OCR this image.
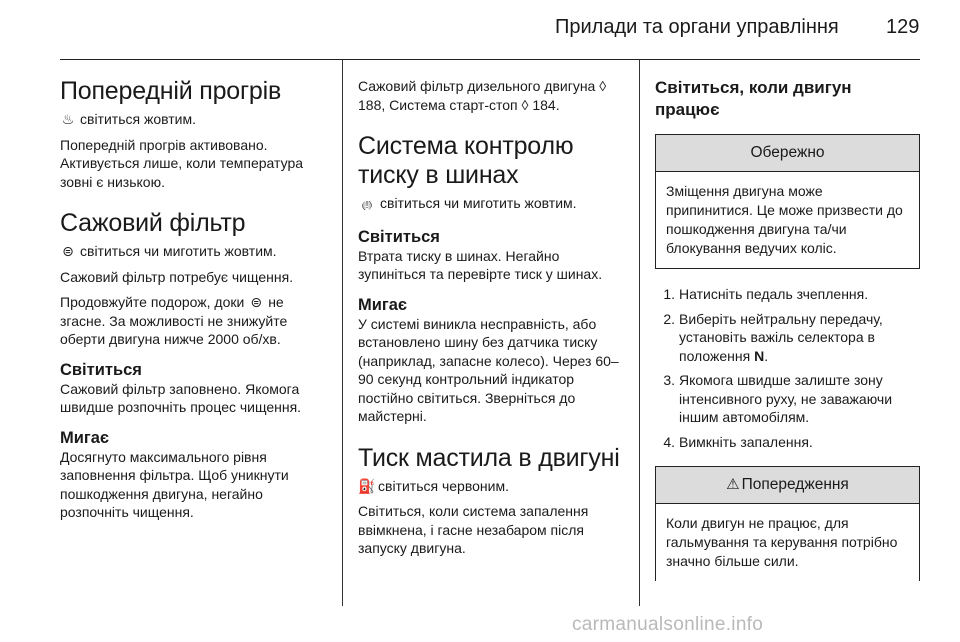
Прилади та органи управління 129
Попередній прогрів

♨ світиться жовтим.

Попередній прогрів активовано. Активується лише, коли температура зовні є низькою.

Сажовий фільтр

⊜ світиться чи миготить жовтим.

Сажовий фільтр потребує чищення.

Продовжуйте подорож, доки ⊜ не згасне. За можливості не знижуйте оберти двигуна нижче 2000 об/хв.

Світиться

Сажовий фільтр заповнено. Якомога швидше розпочніть процес чищення.

Мигає

Досягнуто максимального рівня заповнення фільтра. Щоб уникнути пошкодження двигуна, негайно розпочніть чищення.

Сажовий фільтр дизельного двигуна ◊ 188, Система старт-стоп ◊ 184.

Система контролю тиску в шинах

⦇!⦈ світиться чи миготить жовтим.

Світиться

Втрата тиску в шинах. Негайно зупиніться та перевірте тиск у шинах.

Мигає

У системі виникла несправність, або встановлено шину без датчика тиску (наприклад, запасне колесо). Через 60–90 секунд контрольний індикатор постійно світиться. Зверніться до майстерні.

Тиск мастила в двигуні

⛽ світиться червоним.

Світиться, коли система запалення ввімкнена, і гасне незабаром після запуску двигуна.

Світиться, коли двигун працює
Обережно
Зміщення двигуна може припинитися. Це може призвести до пошкодження двигуна та/чи блокування ведучих коліс.
1. Натисніть педаль зчеплення.
2. Виберіть нейтральну передачу, установіть важіль селектора в положення N.
3. Якомога швидше залиште зону інтенсивного руху, не заважаючи іншим автомобілям.
4. Вимкніть запалення.
⚠ Попередження
Коли двигун не працює, для гальмування та керування потрібно значно більше сили.
carmanualsonline.info
